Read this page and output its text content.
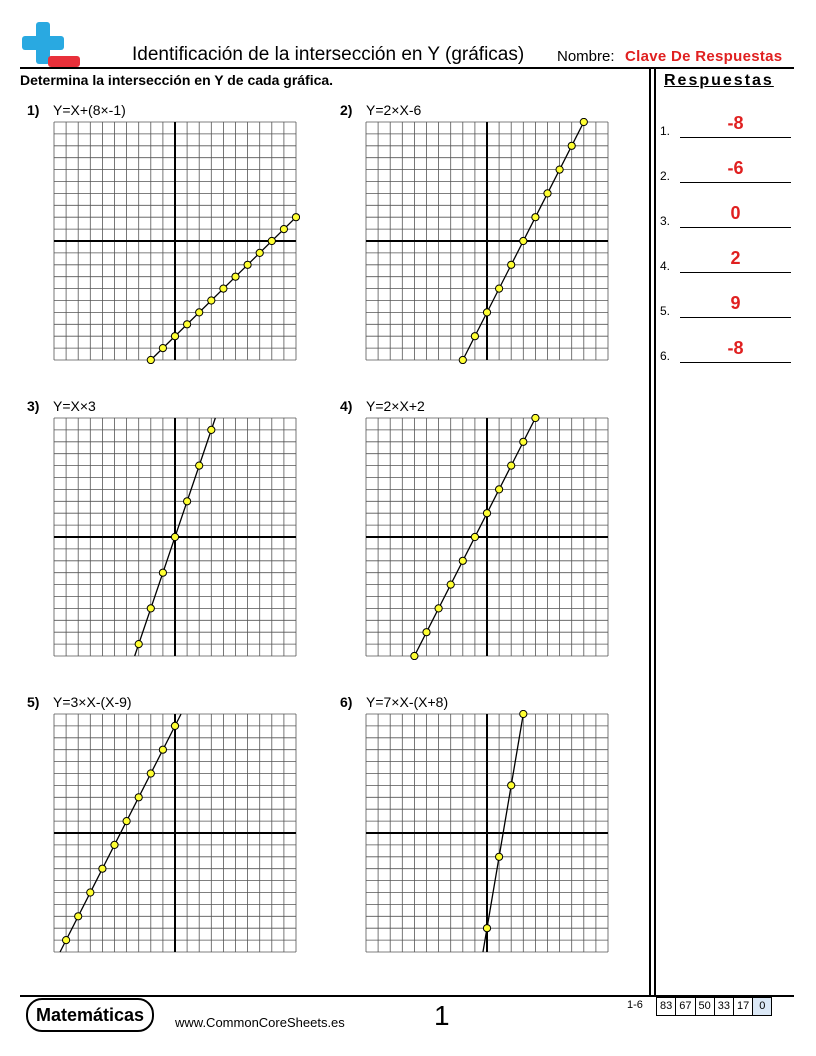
Identificación de la intersección en Y (gráficas) Nombre: Clave De Respuestas
Determina la intersección en Y de cada gráfica.	Respuestas
1.	-8
2.	-6
3.	0
4.	2
5.	9
6.	-8
1) Y=X+(8×-1)	2) Y=2×X-6
3) Y=X×3	4) Y=2×X+2
5) Y=3×X-(X-9)	6) Y=7×X-(X+8)
Matemáticas	www.CommonCoreSheets.es	1	1-6	83 67 50 33 17 0
